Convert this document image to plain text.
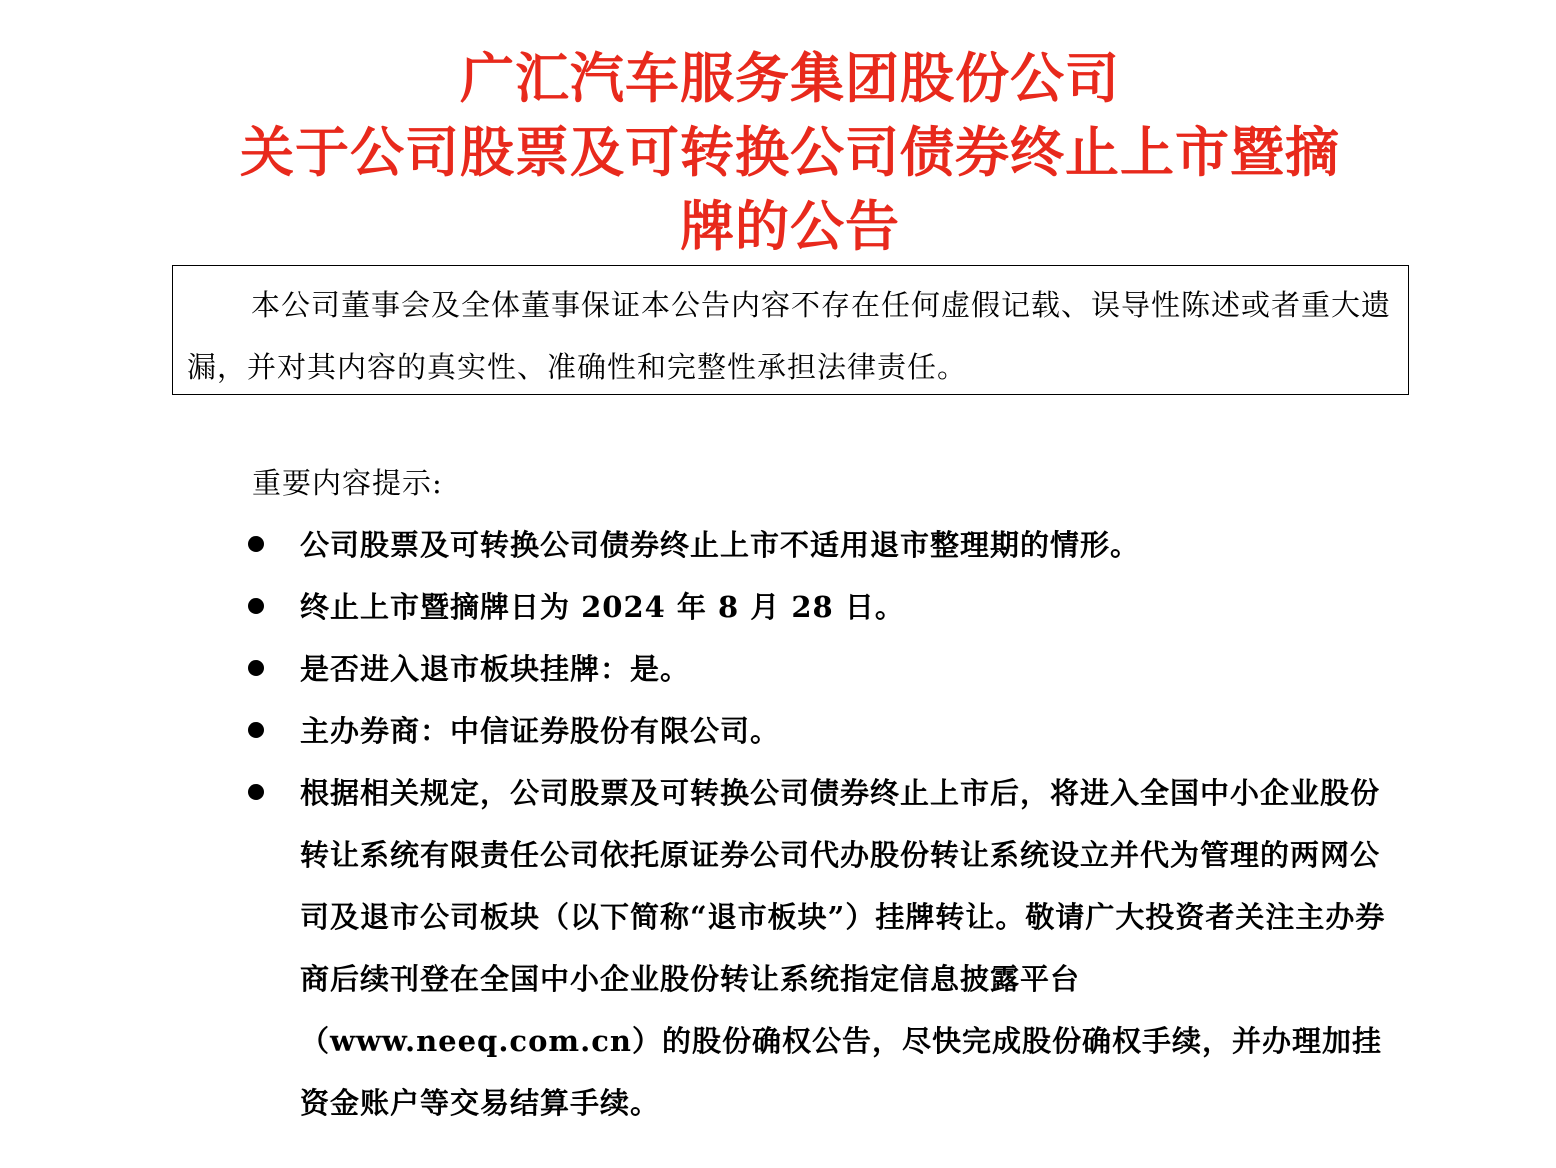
广汇汽车服务集团股份公司
关于公司股票及可转换公司债券终止上市暨摘
牌的公告
本公司董事会及全体董事保证本公告内容不存在任何虚假记载、误导性陈述或者重大遗漏，并对其内容的真实性、准确性和完整性承担法律责任。
重要内容提示:
公司股票及可转换公司债券终止上市不适用退市整理期的情形。
终止上市暨摘牌日为 2024 年 8 月 28 日。
是否进入退市板块挂牌：是。
主办券商：中信证券股份有限公司。
根据相关规定，公司股票及可转换公司债券终止上市后，将进入全国中小企业股份转让系统有限责任公司依托原证券公司代办股份转让系统设立并代为管理的两网公司及退市公司板块（以下简称“退市板块”）挂牌转让。敬请广大投资者关注主办券商后续刊登在全国中小企业股份转让系统指定信息披露平台（www.neeq.com.cn）的股份确权公告，尽快完成股份确权手续，并办理加挂资金账户等交易结算手续。
